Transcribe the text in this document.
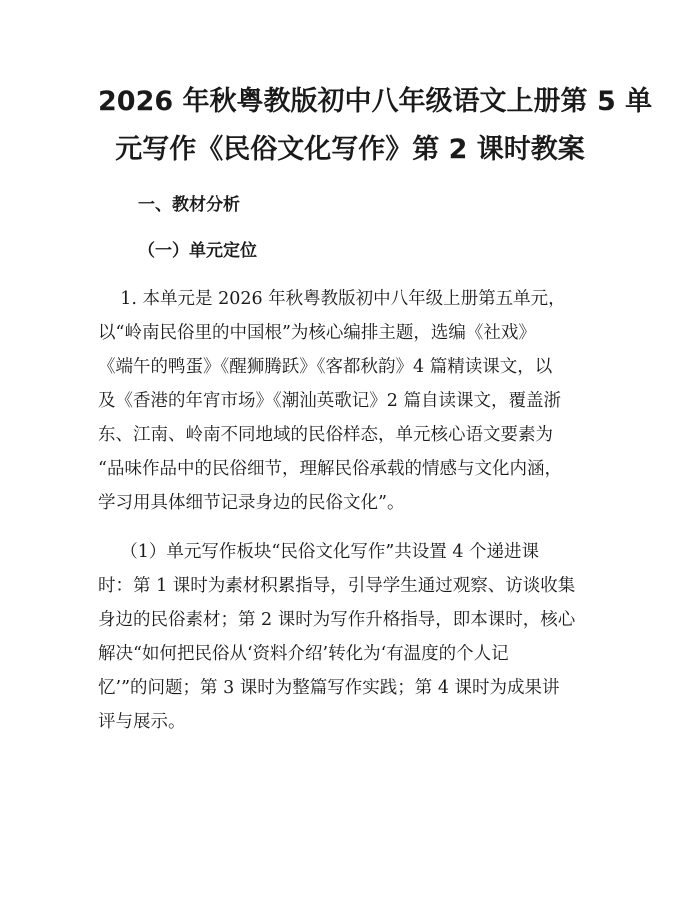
2026 年秋粤教版初中八年级语文上册第 5 单
元写作《民俗文化写作》第 2 课时教案
一、教材分析
（一）单元定位
1. 本单元是 2026 年秋粤教版初中八年级上册第五单元，
以“岭南民俗里的中国根”为核心编排主题，选编《社戏》
《端午的鸭蛋》《醒狮腾跃》《客都秋韵》4 篇精读课文，以
及《香港的年宵市场》《潮汕英歌记》2 篇自读课文，覆盖浙
东、江南、岭南不同地域的民俗样态，单元核心语文要素为
“品味作品中的民俗细节，理解民俗承载的情感与文化内涵，
学习用具体细节记录身边的民俗文化”。
（1）单元写作板块“民俗文化写作”共设置 4 个递进课
时：第 1 课时为素材积累指导，引导学生通过观察、访谈收集
身边的民俗素材；第 2 课时为写作升格指导，即本课时，核心
解决“如何把民俗从‘资料介绍’转化为‘有温度的个人记
忆’”的问题；第 3 课时为整篇写作实践；第 4 课时为成果讲
评与展示。
